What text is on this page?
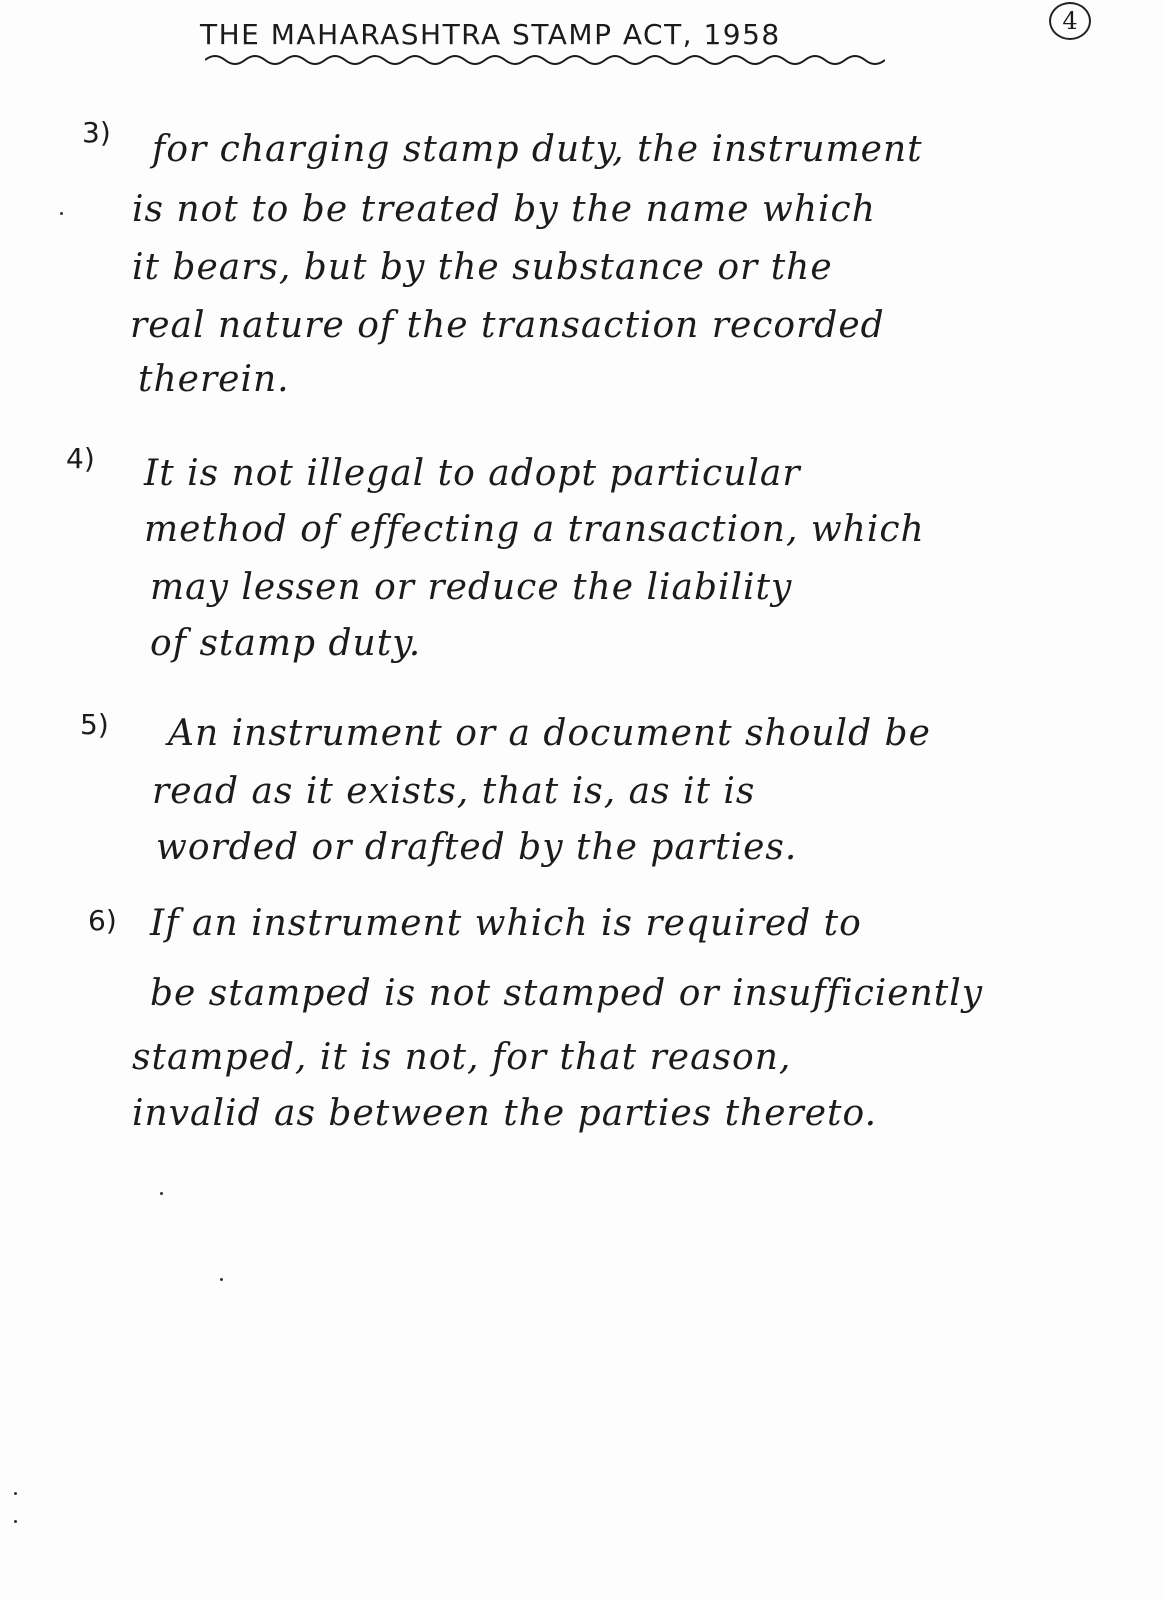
4
THE MAHARASHTRA STAMP ACT, 1958
3) for charging stamp duty, the instrument
is not to be treated by the name which
it bears, but by the substance or the
real nature of the transaction recorded
therein.
4) It is not illegal to adopt particular
method of effecting a transaction, which
may lessen or reduce the liability
of stamp duty.
5) An instrument or a document should be
read as it exists, that is, as it is
worded or drafted by the parties.
6) If an instrument which is required to
be stamped is not stamped or insufficiently
stamped, it is not, for that reason,
invalid as between the parties thereto.
